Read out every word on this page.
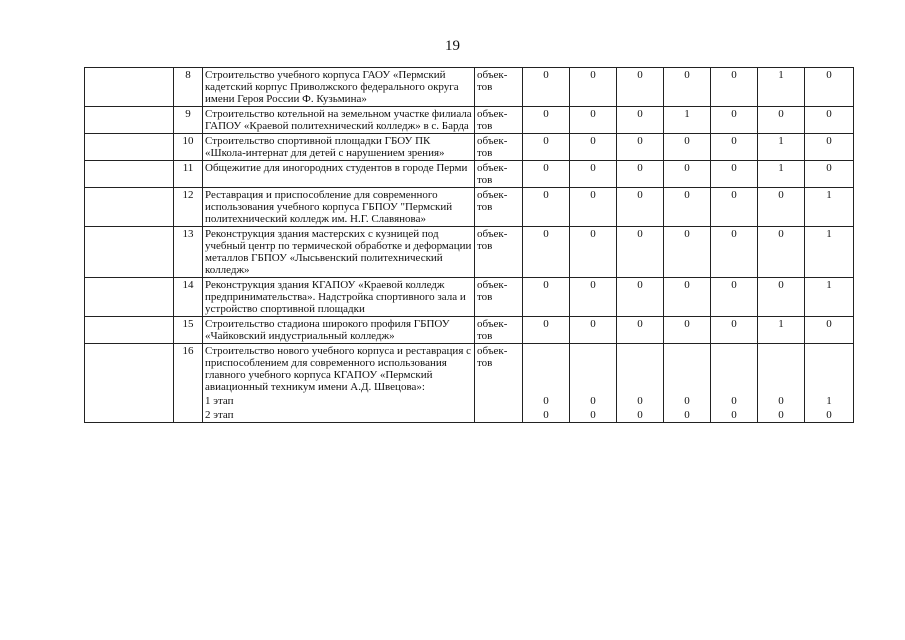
19
	8	Строительство учебного корпуса ГАОУ «Пермский кадетский корпус Приволжского федерального округа имени Героя России Ф. Кузьмина»	объек-тов	0	0	0	0	0	1	0
	9	Строительство котельной на земельном участке филиала ГАПОУ «Краевой политехнический колледж» в с. Барда	объек-тов	0	0	0	1	0	0	0
	10	Строительство спортивной площадки ГБОУ ПК «Школа-интернат для детей с нарушением зрения»	объек-тов	0	0	0	0	0	1	0
	11	Общежитие для иногородних студентов в городе Перми	объек-тов	0	0	0	0	0	1	0
	12	Реставрация и приспособление для современного использования учебного корпуса ГБПОУ "Пермский политехнический колледж им. Н.Г. Славянова»	объек-тов	0	0	0	0	0	0	1
	13	Реконструкция здания мастерских с кузницей под учебный центр по термической обработке и деформации металлов ГБПОУ «Лысьвенский политехнический колледж»	объек-тов	0	0	0	0	0	0	1
	14	Реконструкция здания КГАПОУ «Краевой колледж предпринимательства». Надстройка спортивного зала и устройство спортивной площадки	объек-тов	0	0	0	0	0	0	1
	15	Строительство стадиона широкого профиля ГБПОУ «Чайковский индустриальный колледж»	объек-тов	0	0	0	0	0	1	0
	16	Строительство нового учебного корпуса и реставрация с приспособлением для современного использования главного учебного корпуса КГАПОУ «Пермский авиационный техникум имени А.Д. Швецова»:	объек-тов							
		1 этап		0	0	0	0	0	0	1
		2 этап		0	0	0	0	0	0	0
